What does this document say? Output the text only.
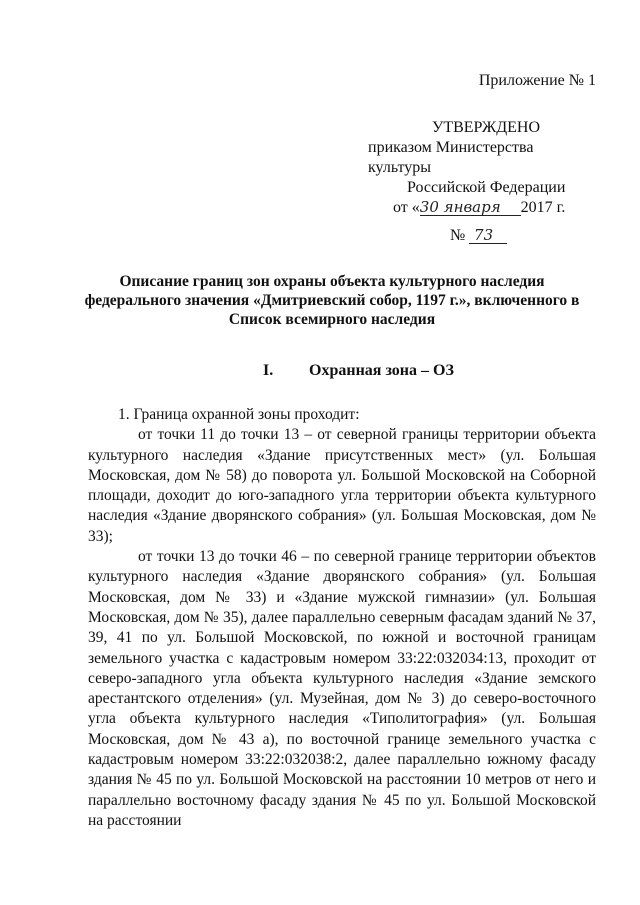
Приложение № 1
УТВЕРЖДЕНО
приказом Министерства культуры
Российской Федерации
от «30 января 2017 г.
№ 73
Описание границ зон охраны объекта культурного наследия федерального значения «Дмитриевский собор, 1197 г.», включенного в Список всемирного наследия
I. Охранная зона – ОЗ

1. Граница охранной зоны проходит:

от точки 11 до точки 13 – от северной границы территории объекта культурного наследия «Здание присутственных мест» (ул. Большая Московская, дом № 58) до поворота ул. Большой Московской на Соборной площади, доходит до юго-западного угла территории объекта культурного наследия «Здание дворянского собрания» (ул. Большая Московская, дом № 33);

от точки 13 до точки 46 – по северной границе территории объектов культурного наследия «Здание дворянского собрания» (ул. Большая Московская, дом № 33) и «Здание мужской гимназии» (ул. Большая Московская, дом № 35), далее параллельно северным фасадам зданий № 37, 39, 41 по ул. Большой Московской, по южной и восточной границам земельного участка с кадастровым номером 33:22:032034:13, проходит от северо-западного угла объекта культурного наследия «Здание земского арестантского отделения» (ул. Музейная, дом № 3) до северо-восточного угла объекта культурного наследия «Типолитография» (ул. Большая Московская, дом № 43 а), по восточной границе земельного участка с кадастровым номером 33:22:032038:2, далее параллельно южному фасаду здания № 45 по ул. Большой Московской на расстоянии 10 метров от него и параллельно восточному фасаду здания № 45 по ул. Большой Московской на расстоянии
